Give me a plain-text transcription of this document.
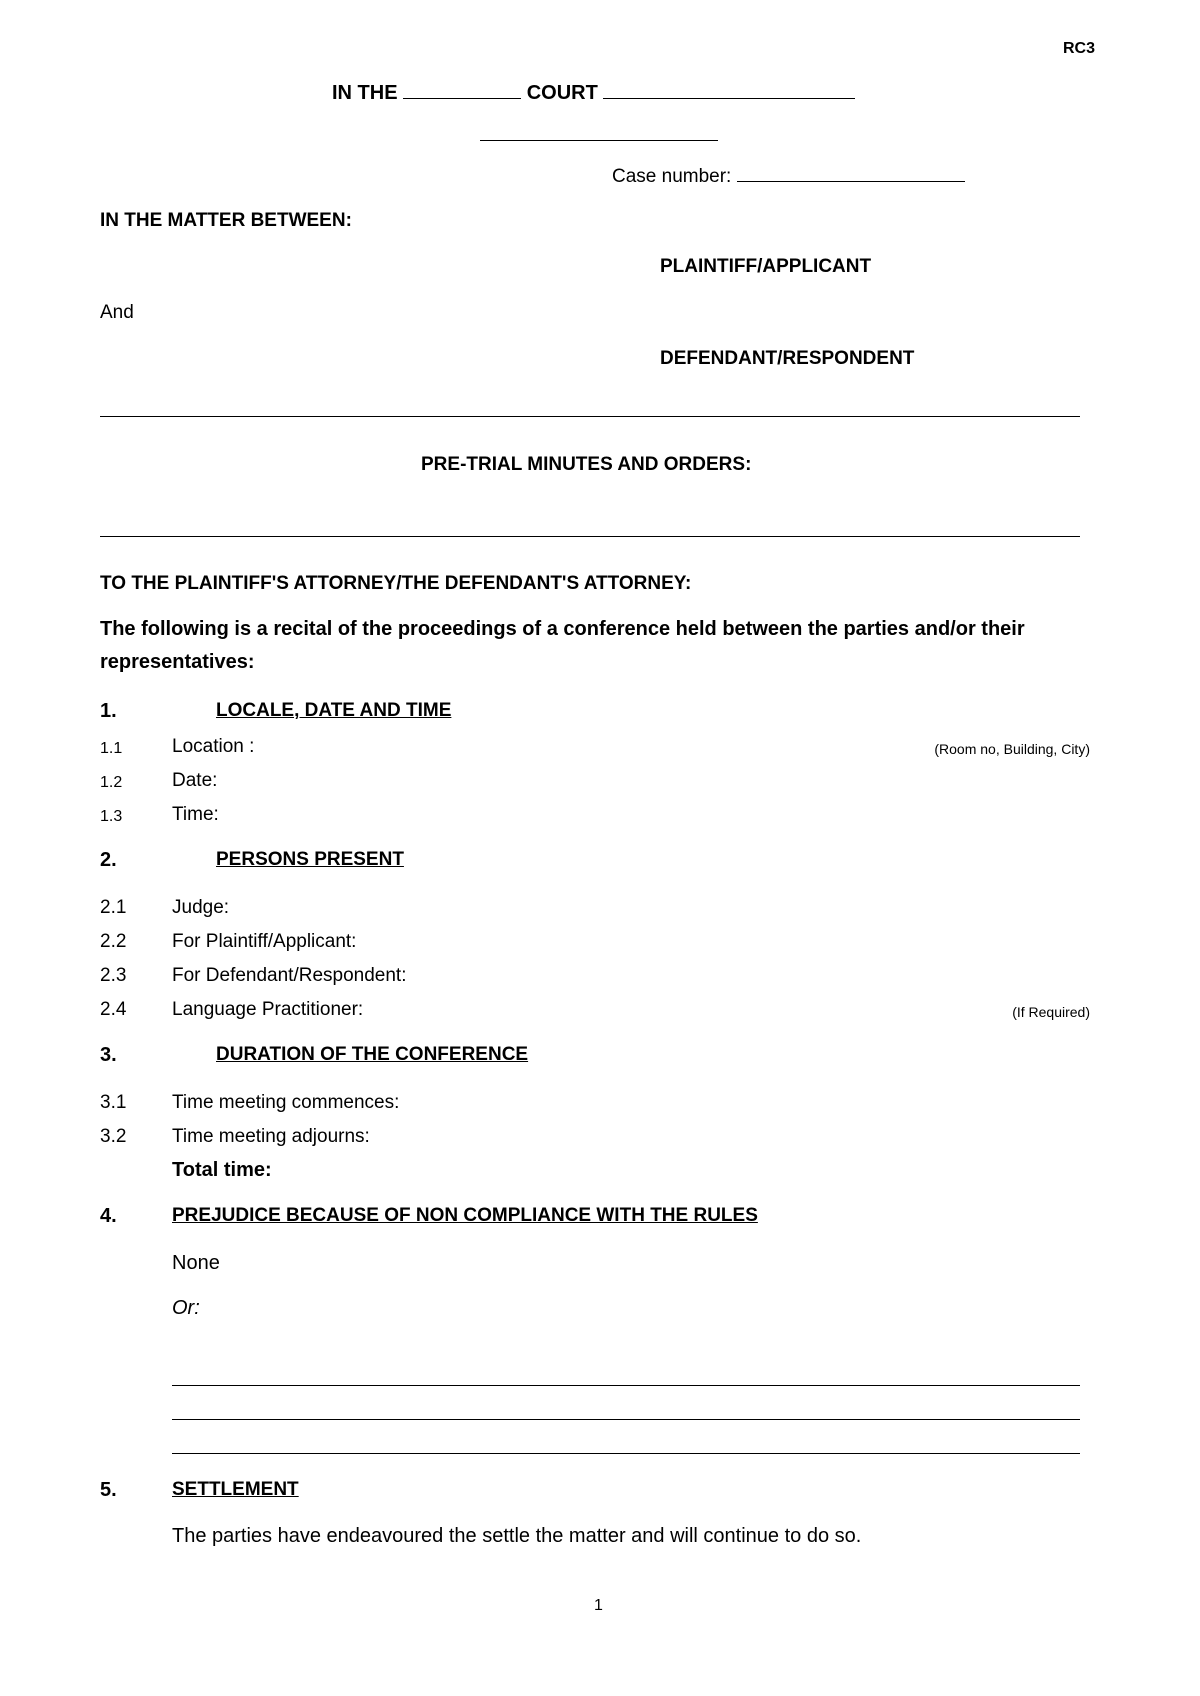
RC3
IN THE	COURT
Case number:
IN THE MATTER BETWEEN:
PLAINTIFF/APPLICANT
And
DEFENDANT/RESPONDENT
PRE-TRIAL MINUTES AND ORDERS:
TO THE PLAINTIFF'S ATTORNEY/THE DEFENDANT'S ATTORNEY:
The following is a recital of the proceedings of a conference held between the parties and/or their
representatives:
1.	LOCALE, DATE AND TIME
1.1	Location :	(Room no, Building, City)
1.2	Date:
1.3	Time:
2.	PERSONS PRESENT
2.1 Judge:
2.2 For Plaintiff/Applicant:
2.3 For Defendant/Respondent:
2.4 Language Practitioner:	(If Required)
3.	DURATION OF THE CONFERENCE
3.1 Time meeting commences:
3.2 Time meeting adjourns:
Total time:
4.	PREJUDICE BECAUSE OF NON COMPLIANCE WITH THE RULES
None
Or:
5.	SETTLEMENT
The parties have endeavoured the settle the matter and will continue to do so.
1
